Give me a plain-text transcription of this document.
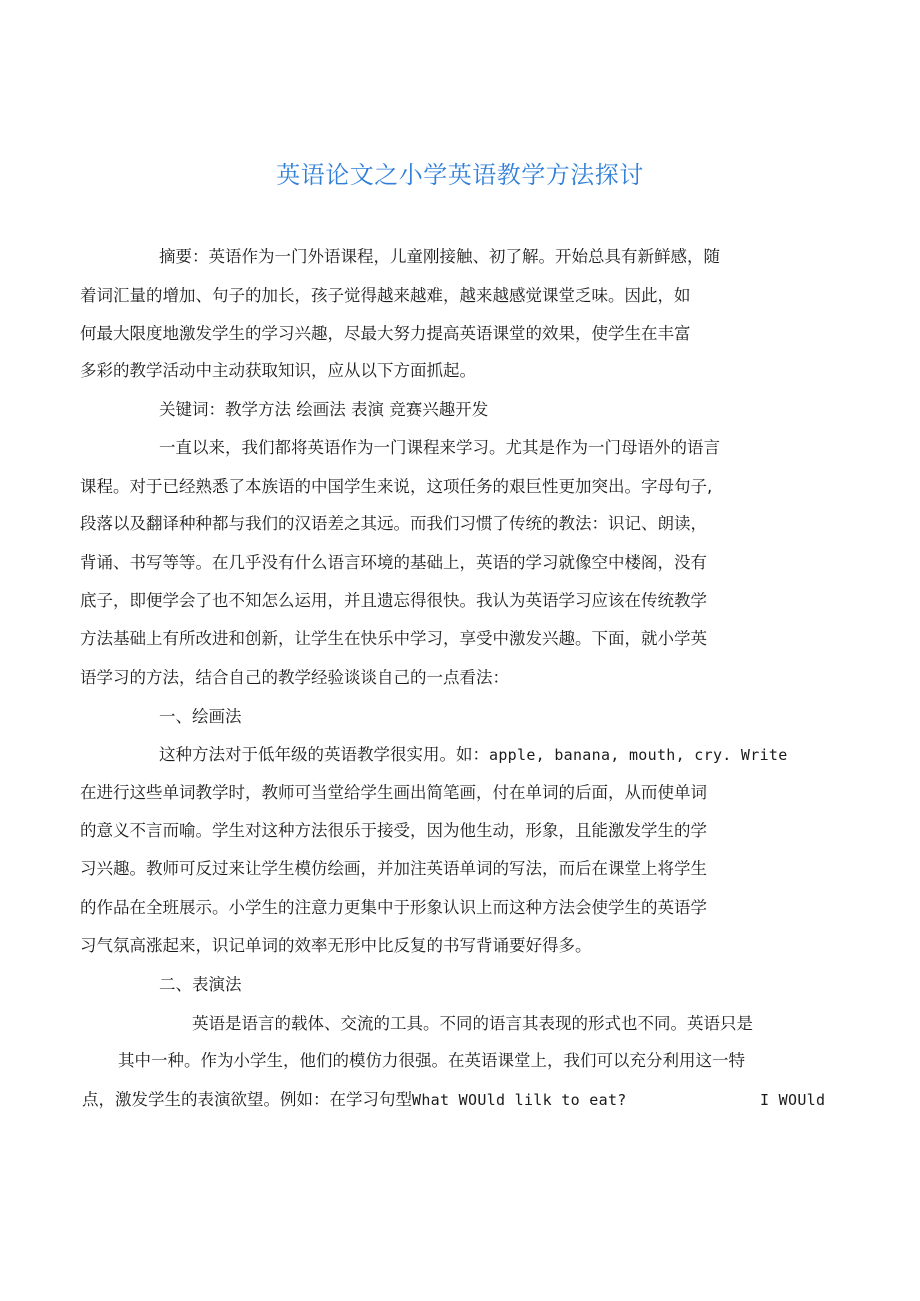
英语论文之小学英语教学方法探讨
摘要：英语作为一门外语课程，儿童刚接触、初了解。开始总具有新鲜感，随
着词汇量的增加、句子的加长，孩子觉得越来越难，越来越感觉课堂乏味。因此，如
何最大限度地激发学生的学习兴趣，尽最大努力提高英语课堂的效果，使学生在丰富
多彩的教学活动中主动获取知识，应从以下方面抓起。
关键词：教学方法 绘画法 表演 竞赛兴趣开发
一直以来，我们都将英语作为一门课程来学习。尤其是作为一门母语外的语言
课程。对于已经熟悉了本族语的中国学生来说，这项任务的艰巨性更加突出。字母句子,
段落以及翻译种种都与我们的汉语差之其远。而我们习惯了传统的教法：识记、朗读，
背诵、书写等等。在几乎没有什么语言环境的基础上，英语的学习就像空中楼阁，没有
底子，即便学会了也不知怎么运用，并且遗忘得很快。我认为英语学习应该在传统教学
方法基础上有所改进和创新，让学生在快乐中学习，享受中激发兴趣。下面，就小学英
语学习的方法，结合自己的教学经验谈谈自己的一点看法：
一、绘画法
这种方法对于低年级的英语教学很实用。如：apple, banana, mouth, cry. Write
在进行这些单词教学时，教师可当堂给学生画出简笔画，付在单词的后面，从而使单词
的意义不言而喻。学生对这种方法很乐于接受，因为他生动，形象，且能激发学生的学
习兴趣。教师可反过来让学生模仿绘画，并加注英语单词的写法，而后在课堂上将学生
的作品在全班展示。小学生的注意力更集中于形象认识上而这种方法会使学生的英语学
习气氛高涨起来，识记单词的效率无形中比反复的书写背诵要好得多。
二、表演法
英语是语言的载体、交流的工具。不同的语言其表现的形式也不同。英语只是
其中一种。作为小学生，他们的模仿力很强。在英语课堂上，我们可以充分利用这一特
点，激发学生的表演欲望。例如：在学习句型What WOUld lilk to eat?	I WOUld
